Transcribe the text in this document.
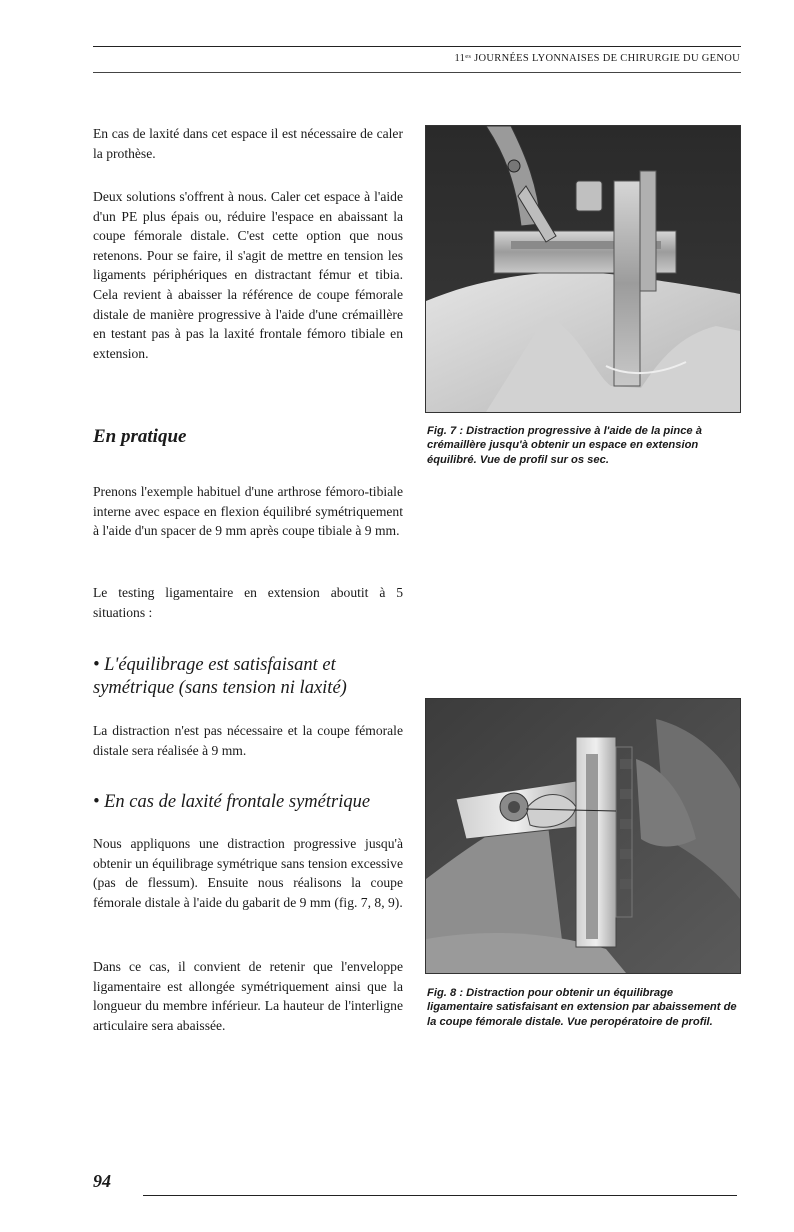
$11^{es}$ JOURNÉES LYONNAISES DE CHIRURGIE DU GENOU

En cas de laxité dans cet espace il est nécessaire de caler la prothèse.

Deux solutions s'offrent à nous. Caler cet espace à l'aide d'un PE plus épais ou, réduire l'espace en abaissant la coupe fémorale distale. C'est cette option que nous retenons. Pour se faire, il s'agit de mettre en tension les ligaments périphériques en distractant fémur et tibia. Cela revient à abaisser la référence de coupe fémorale distale de manière progressive à l'aide d'une crémaillère en testant pas à pas la laxité frontale fémoro tibiale en extension.

En pratique

Prenons l'exemple habituel d'une arthrose fémoro-tibiale interne avec espace en flexion équilibré symétriquement à l'aide d'un spacer de 9 mm après coupe tibiale à 9 mm.

Le testing ligamentaire en extension aboutit à 5 situations :

• L'équilibrage est satisfaisant et symétrique (sans tension ni laxité)

La distraction n'est pas nécessaire et la coupe fémorale distale sera réalisée à 9 mm.

• En cas de laxité frontale symétrique

Nous appliquons une distraction progressive jusqu'à obtenir un équilibrage symétrique sans tension excessive (pas de flessum). Ensuite nous réalisons la coupe fémorale distale à l'aide du gabarit de 9 mm (fig. 7, 8, 9).

Dans ce cas, il convient de retenir que l'enveloppe ligamentaire est allongée symétriquement ainsi que la longueur du membre inférieur. La hauteur de l'interligne articulaire sera abaissée.

Fig. 7 : Distraction progressive à l'aide de la pince à crémaillère jusqu'à obtenir un espace en extension équilibré. Vue de profil sur os sec.
Fig. 8 : Distraction pour obtenir un équilibrage ligamentaire satisfaisant en extension par abaissement de la coupe fémorale distale. Vue peropératoire de profil.
94
